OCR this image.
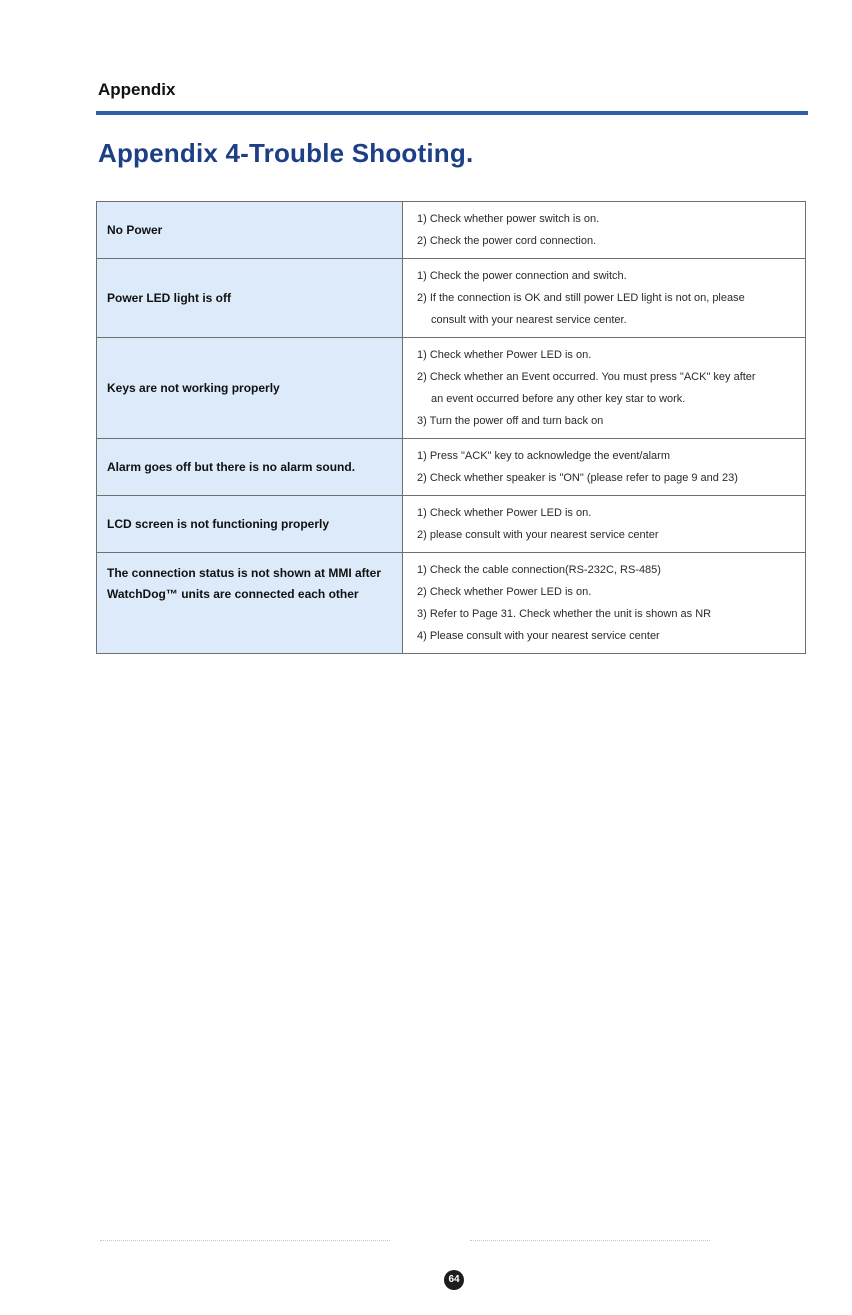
Appendix
Appendix 4-Trouble Shooting.
No Power	1) Check whether power switch is on.
2) Check the power cord connection.

Power LED light is off	1) Check the power connection and switch.
2) If the connection is OK and still power LED light is not on, please
consult with your nearest service center.

Keys are not working properly	1) Check whether Power LED is on.
2) Check whether an Event occurred. You must press "ACK" key after
an event occurred before any other key star to work.
3) Turn the power off and turn back on

Alarm goes off but there is no alarm sound.	1) Press "ACK" key to acknowledge the event/alarm
2) Check whether speaker is "ON" (please refer to page 9 and 23)

LCD screen is not functioning properly	1) Check whether Power LED is on.
2) please consult with your nearest service center

The connection status is not shown at MMI after WatchDog™ units are connected each other	1) Check the cable connection(RS-232C, RS-485)
2) Check whether Power LED is on.
3) Refer to Page 31. Check whether the unit is shown as NR
4) Please consult with your nearest service center
64
